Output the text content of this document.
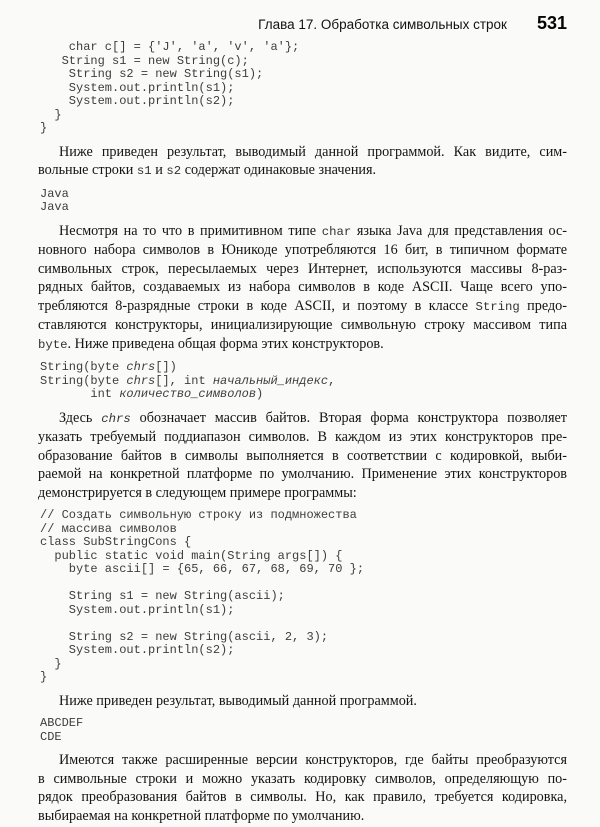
Глава 17. Обработка символьных строк 531
char c[] = {'J', 'a', 'v', 'a'};
String s1 = new String(c);
String s2 = new String(s1);
System.out.println(s1);
System.out.println(s2);
}
}
Ниже приведен результат, выводимый данной программой. Как видите, сим-
вольные строки s1 и s2 содержат одинаковые значения.
Java
Java
Несмотря на то что в примитивном типе char языка Java для представления ос-
новного набора символов в Юникоде употребляются 16 бит, в типичном формате
символьных строк, пересылаемых через Интернет, используются массивы 8-раз-
рядных байтов, создаваемых из набора символов в коде ASCII. Чаще всего упо-
требляются 8-разрядные строки в коде ASCII, и поэтому в классе String предо-
ставляются конструкторы, инициализирующие символьную строку массивом типа
byte. Ниже приведена общая форма этих конструкторов.
String(byte chrs[])
String(byte chrs[], int начальный_индекс,
int количество_символов)
Здесь chrs обозначает массив байтов. Вторая форма конструктора позволяет
указать требуемый поддиапазон символов. В каждом из этих конструкторов пре-
образование байтов в символы выполняется в соответствии с кодировкой, выби-
раемой на конкретной платформе по умолчанию. Применение этих конструкторов
демонстрируется в следующем примере программы:
// Создать символьную строку из подмножества
// массива символов
class SubStringCons {
public static void main(String args[]) {
byte ascii[] = {65, 66, 67, 68, 69, 70 };

String s1 = new String(ascii);
System.out.println(s1);

String s2 = new String(ascii, 2, 3);
System.out.println(s2);
}
}
Ниже приведен результат, выводимый данной программой.
ABCDEF
CDE
Имеются также расширенные версии конструкторов, где байты преобразуются
в символьные строки и можно указать кодировку символов, определяющую по-
рядок преобразования байтов в символы. Но, как правило, требуется кодировка,
выбираемая на конкретной платформе по умолчанию.
